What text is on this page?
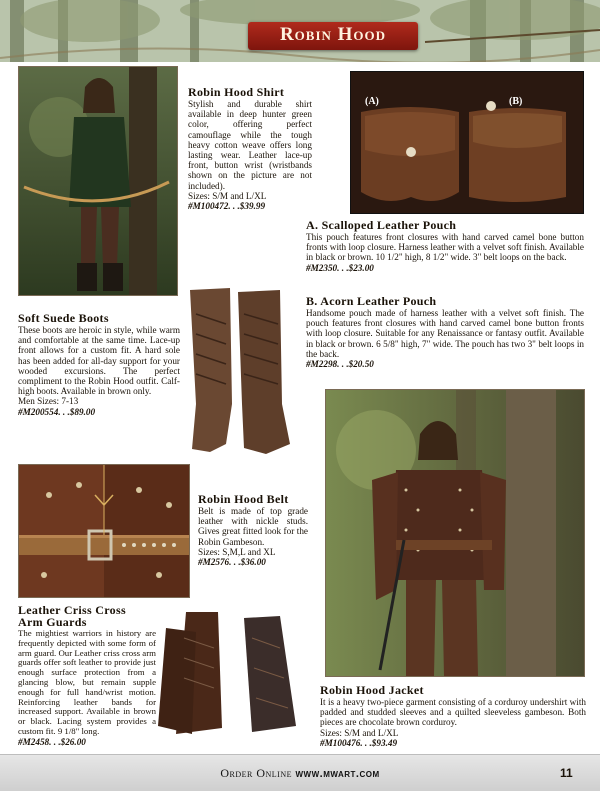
Robin Hood
Robin Hood Shirt
Stylish and durable shirt available in deep hunter green color, offering perfect camouflage while the tough heavy cotton weave offers long lasting wear. Leather lace-up front, button wrist (wristbands shown on the picture are not included).
Sizes: S/M and L/XL
#M100472. . .$39.99
(A)	(B)
A. Scalloped Leather Pouch
This pouch features front closures with hand carved camel bone button fronts with loop closure. Harness leather with a velvet soft finish. Available in black or brown. 10 1/2" high, 8 1/2" wide. 3" belt loops on the back.
#M2350. . .$23.00
B. Acorn Leather Pouch
Handsome pouch made of harness leather with a velvet soft finish. The pouch features front closures with hand carved camel bone button fronts with loop closure. Suitable for any Renaissance or fantasy outfit. Available in black or brown. 6 5/8" high, 7" wide. The pouch has two 3" belt loops in the back.
#M2298. . .$20.50
Soft Suede Boots
These boots are heroic in style, while warm and comfortable at the same time. Lace-up front allows for a custom fit. A hard sole has been added for all-day support for your wooded excursions. The perfect compliment to the Robin Hood outfit. Calf-high boots. Available in brown only.
Men Sizes: 7-13
#M200554. . .$89.00
Robin Hood Belt
Belt is made of top grade leather with nickle studs. Gives great fitted look for the Robin Gambeson.
Sizes: S,M,L and XL
#M2576. . .$36.00
Leather Criss Cross
Arm Guards
The mightiest warriors in history are frequently depicted with some form of arm guard. Our Leather criss cross arm guards offer soft leather to provide just enough surface protection from a glancing blow, but remain supple enough for full hand/wrist motion. Reinforcing leather bands for increased support. Available in brown or black. Lacing system provides a custom fit. 9 1/8" long.
#M2458. . .$26.00
Robin Hood Jacket
It is a heavy two-piece garment consisting of a corduroy undershirt with padded and studded sleeves and a quilted sleeveless gambeson. Both pieces are chocolate brown corduroy.
Sizes: S/M and L/XL
#M100476. . .$93.49
Order Online www.mwart.com	11
